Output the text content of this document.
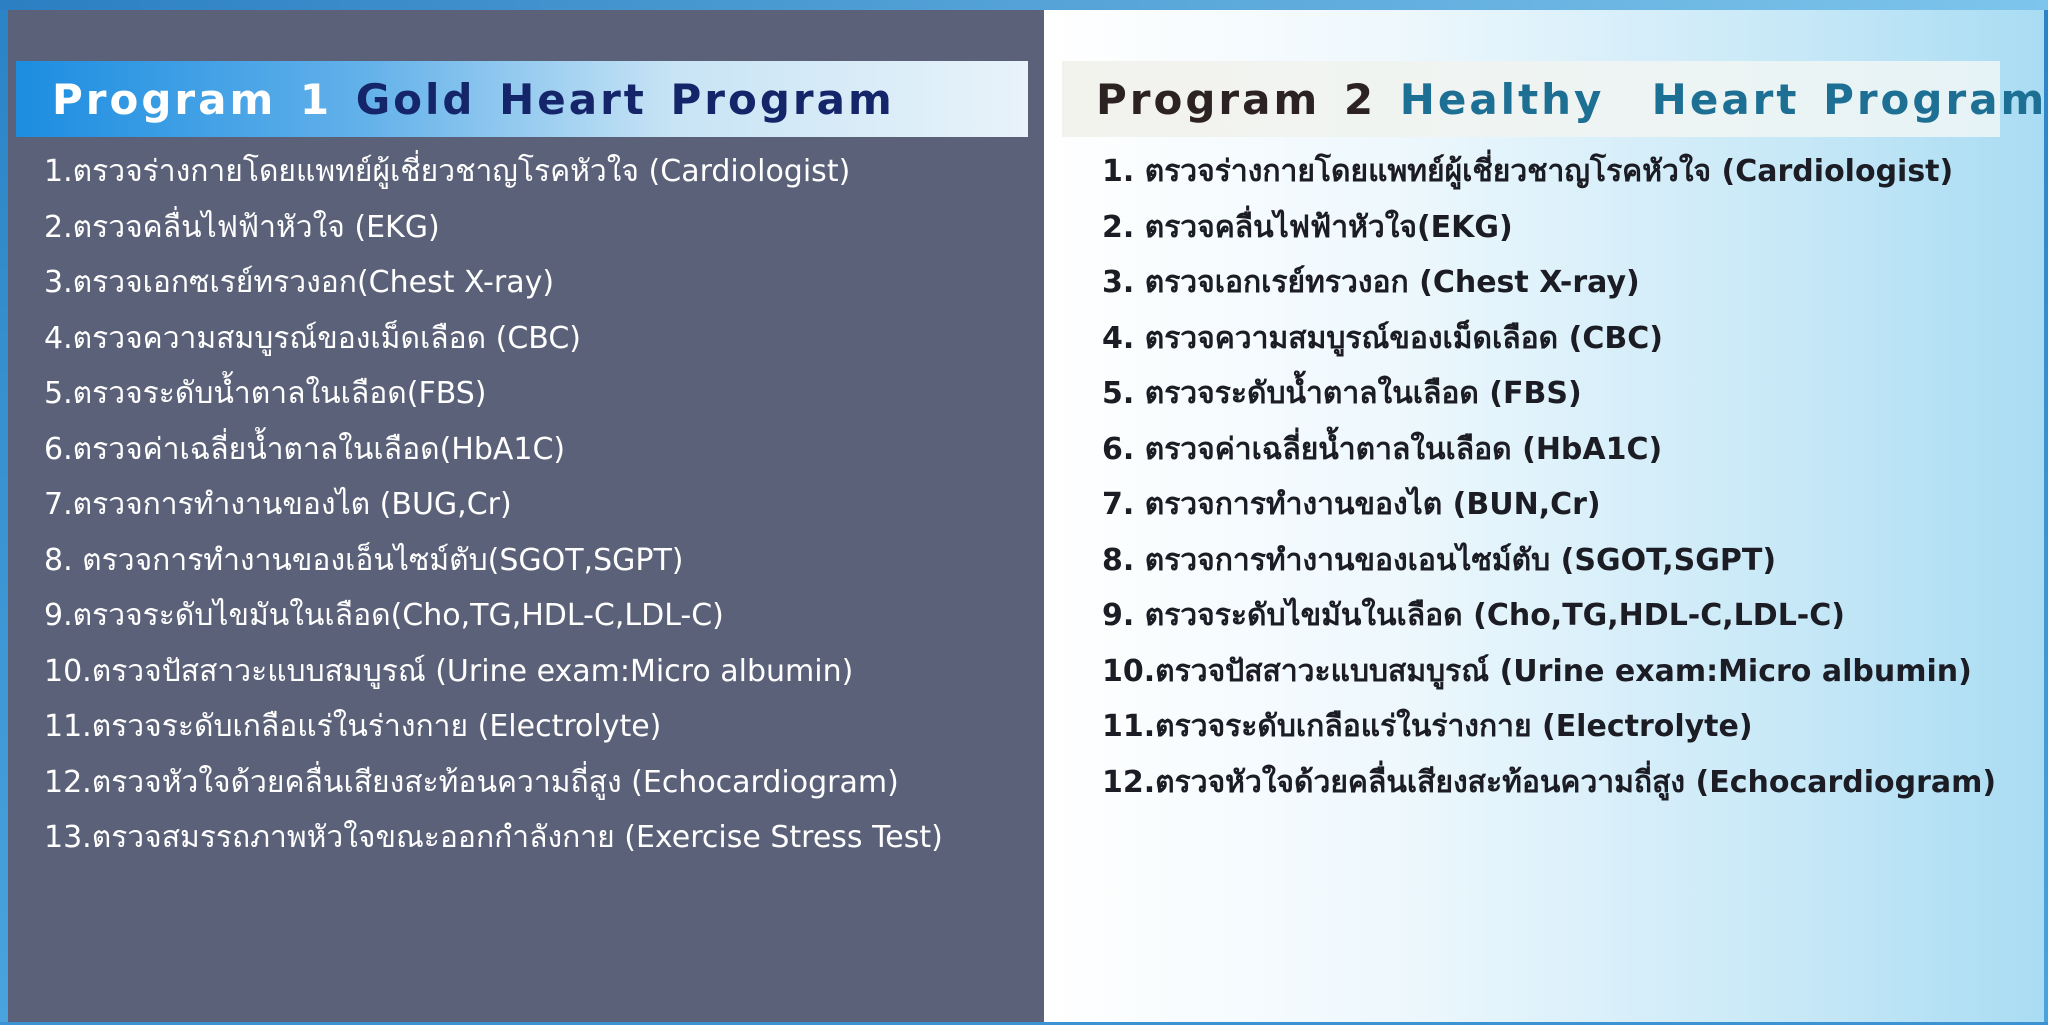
Program 1
Gold Heart Program	Program 2
Healthy  Heart Program
1.ตรวจร่างกายโดยแพทย์ผู้เชี่ยวชาญโรคหัวใจ (Cardiologist)
2.ตรวจคลื่นไฟฟ้าหัวใจ (EKG)
3.ตรวจเอกซเรย์ทรวงอก(Chest X-ray)
4.ตรวจความสมบูรณ์ของเม็ดเลือด (CBC)
5.ตรวจระดับน้ำตาลในเลือด(FBS)
6.ตรวจค่าเฉลี่ยน้ำตาลในเลือด(HbA1C)
7.ตรวจการทำงานของไต (BUG,Cr)
8. ตรวจการทำงานของเอ็นไซม์ตับ(SGOT,SGPT)
9.ตรวจระดับไขมันในเลือด(Cho,TG,HDL-C,LDL-C)
10.ตรวจปัสสาวะแบบสมบูรณ์ (Urine exam:Micro albumin)
11.ตรวจระดับเกลือแร่ในร่างกาย (Electrolyte)
12.ตรวจหัวใจด้วยคลื่นเสียงสะท้อนความถี่สูง (Echocardiogram)
13.ตรวจสมรรถภาพหัวใจขณะออกกำลังกาย (Exercise Stress Test)
1. ตรวจร่างกายโดยแพทย์ผู้เชี่ยวชาญโรคหัวใจ (Cardiologist)
2. ตรวจคลื่นไฟฟ้าหัวใจ(EKG)
3. ตรวจเอกเรย์ทรวงอก (Chest X-ray)
4. ตรวจความสมบูรณ์ของเม็ดเลือด (CBC)
5. ตรวจระดับน้ำตาลในเลือด (FBS)
6. ตรวจค่าเฉลี่ยน้ำตาลในเลือด (HbA1C)
7. ตรวจการทำงานของไต (BUN,Cr)
8. ตรวจการทำงานของเอนไซม์ตับ (SGOT,SGPT)
9. ตรวจระดับไขมันในเลือด (Cho,TG,HDL-C,LDL-C)
10.ตรวจปัสสาวะแบบสมบูรณ์ (Urine exam:Micro albumin)
11.ตรวจระดับเกลือแร่ในร่างกาย (Electrolyte)
12.ตรวจหัวใจด้วยคลื่นเสียงสะท้อนความถี่สูง (Echocardiogram)
